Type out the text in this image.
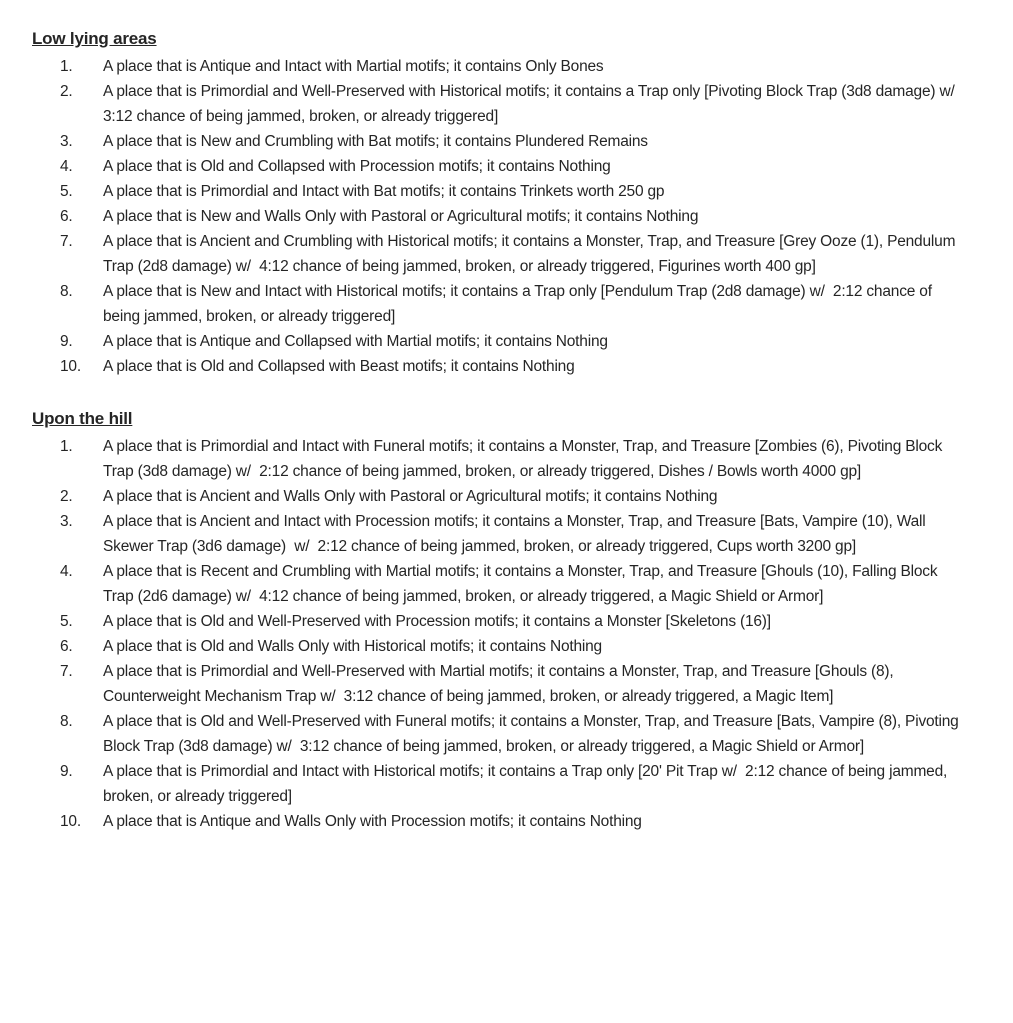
Low lying areas
1.	A place that is Antique and Intact with Martial motifs; it contains Only Bones
2.	A place that is Primordial and Well-Preserved with Historical motifs; it contains a Trap only [Pivoting Block Trap (3d8 damage) w/  3:12 chance of being jammed, broken, or already triggered]
3.	A place that is New and Crumbling with Bat motifs; it contains Plundered Remains
4.	A place that is Old and Collapsed with Procession motifs; it contains Nothing
5.	A place that is Primordial and Intact with Bat motifs; it contains Trinkets worth 250 gp
6.	A place that is New and Walls Only with Pastoral or Agricultural motifs; it contains Nothing
7.	A place that is Ancient and Crumbling with Historical motifs; it contains a Monster, Trap, and Treasure [Grey Ooze (1), Pendulum Trap (2d8 damage) w/  4:12 chance of being jammed, broken, or already triggered, Figurines worth 400 gp]
8.	A place that is New and Intact with Historical motifs; it contains a Trap only [Pendulum Trap (2d8 damage) w/  2:12 chance of being jammed, broken, or already triggered]
9.	A place that is Antique and Collapsed with Martial motifs; it contains Nothing
10.	A place that is Old and Collapsed with Beast motifs; it contains Nothing
Upon the hill
1.	A place that is Primordial and Intact with Funeral motifs; it contains a Monster, Trap, and Treasure [Zombies (6), Pivoting Block Trap (3d8 damage) w/  2:12 chance of being jammed, broken, or already triggered, Dishes / Bowls worth 4000 gp]
2.	A place that is Ancient and Walls Only with Pastoral or Agricultural motifs; it contains Nothing
3.	A place that is Ancient and Intact with Procession motifs; it contains a Monster, Trap, and Treasure [Bats, Vampire (10), Wall Skewer Trap (3d6 damage)  w/  2:12 chance of being jammed, broken, or already triggered, Cups worth 3200 gp]
4.	A place that is Recent and Crumbling with Martial motifs; it contains a Monster, Trap, and Treasure [Ghouls (10), Falling Block Trap (2d6 damage) w/  4:12 chance of being jammed, broken, or already triggered, a Magic Shield or Armor]
5.	A place that is Old and Well-Preserved with Procession motifs; it contains a Monster [Skeletons (16)]
6.	A place that is Old and Walls Only with Historical motifs; it contains Nothing
7.	A place that is Primordial and Well-Preserved with Martial motifs; it contains a Monster, Trap, and Treasure [Ghouls (8), Counterweight Mechanism Trap w/  3:12 chance of being jammed, broken, or already triggered, a Magic Item]
8.	A place that is Old and Well-Preserved with Funeral motifs; it contains a Monster, Trap, and Treasure [Bats, Vampire (8), Pivoting Block Trap (3d8 damage) w/  3:12 chance of being jammed, broken, or already triggered, a Magic Shield or Armor]
9.	A place that is Primordial and Intact with Historical motifs; it contains a Trap only [20' Pit Trap w/  2:12 chance of being jammed, broken, or already triggered]
10.	A place that is Antique and Walls Only with Procession motifs; it contains Nothing
